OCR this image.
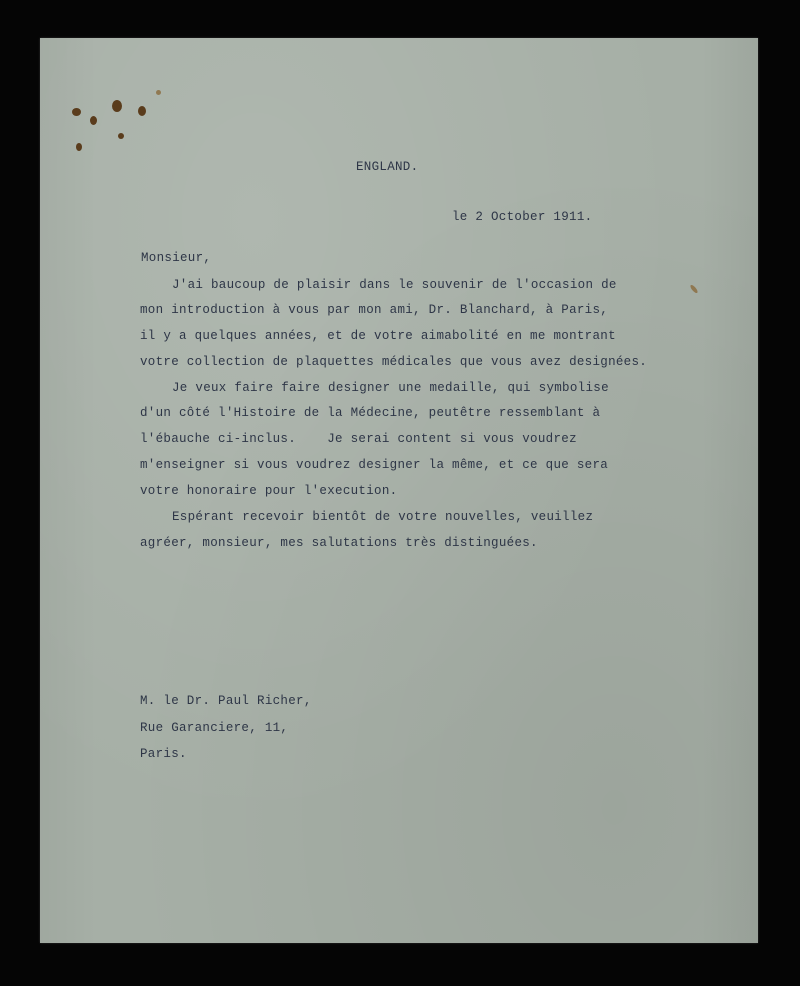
ENGLAND.

le 2 October 1911.

Monsieur,

J'ai baucoup de plaisir dans le souvenir de l'occasion de

mon introduction à vous par mon ami, Dr. Blanchard, à Paris,

il y a quelques années, et de votre aimabolité en me montrant

votre collection de plaquettes médicales que vous avez designées.

Je veux faire faire designer une medaille, qui symbolise

d'un côté l'Histoire de la Médecine, peutêtre ressemblant à

l'ébauche ci-inclus.    Je serai content si vous voudrez

m'enseigner si vous voudrez designer la même, et ce que sera

votre honoraire pour l'execution.

Espérant recevoir bientôt de votre nouvelles, veuillez

agréer, monsieur, mes salutations très distinguées.

M. le Dr. Paul Richer,

Rue Garanciere, 11,

Paris.
